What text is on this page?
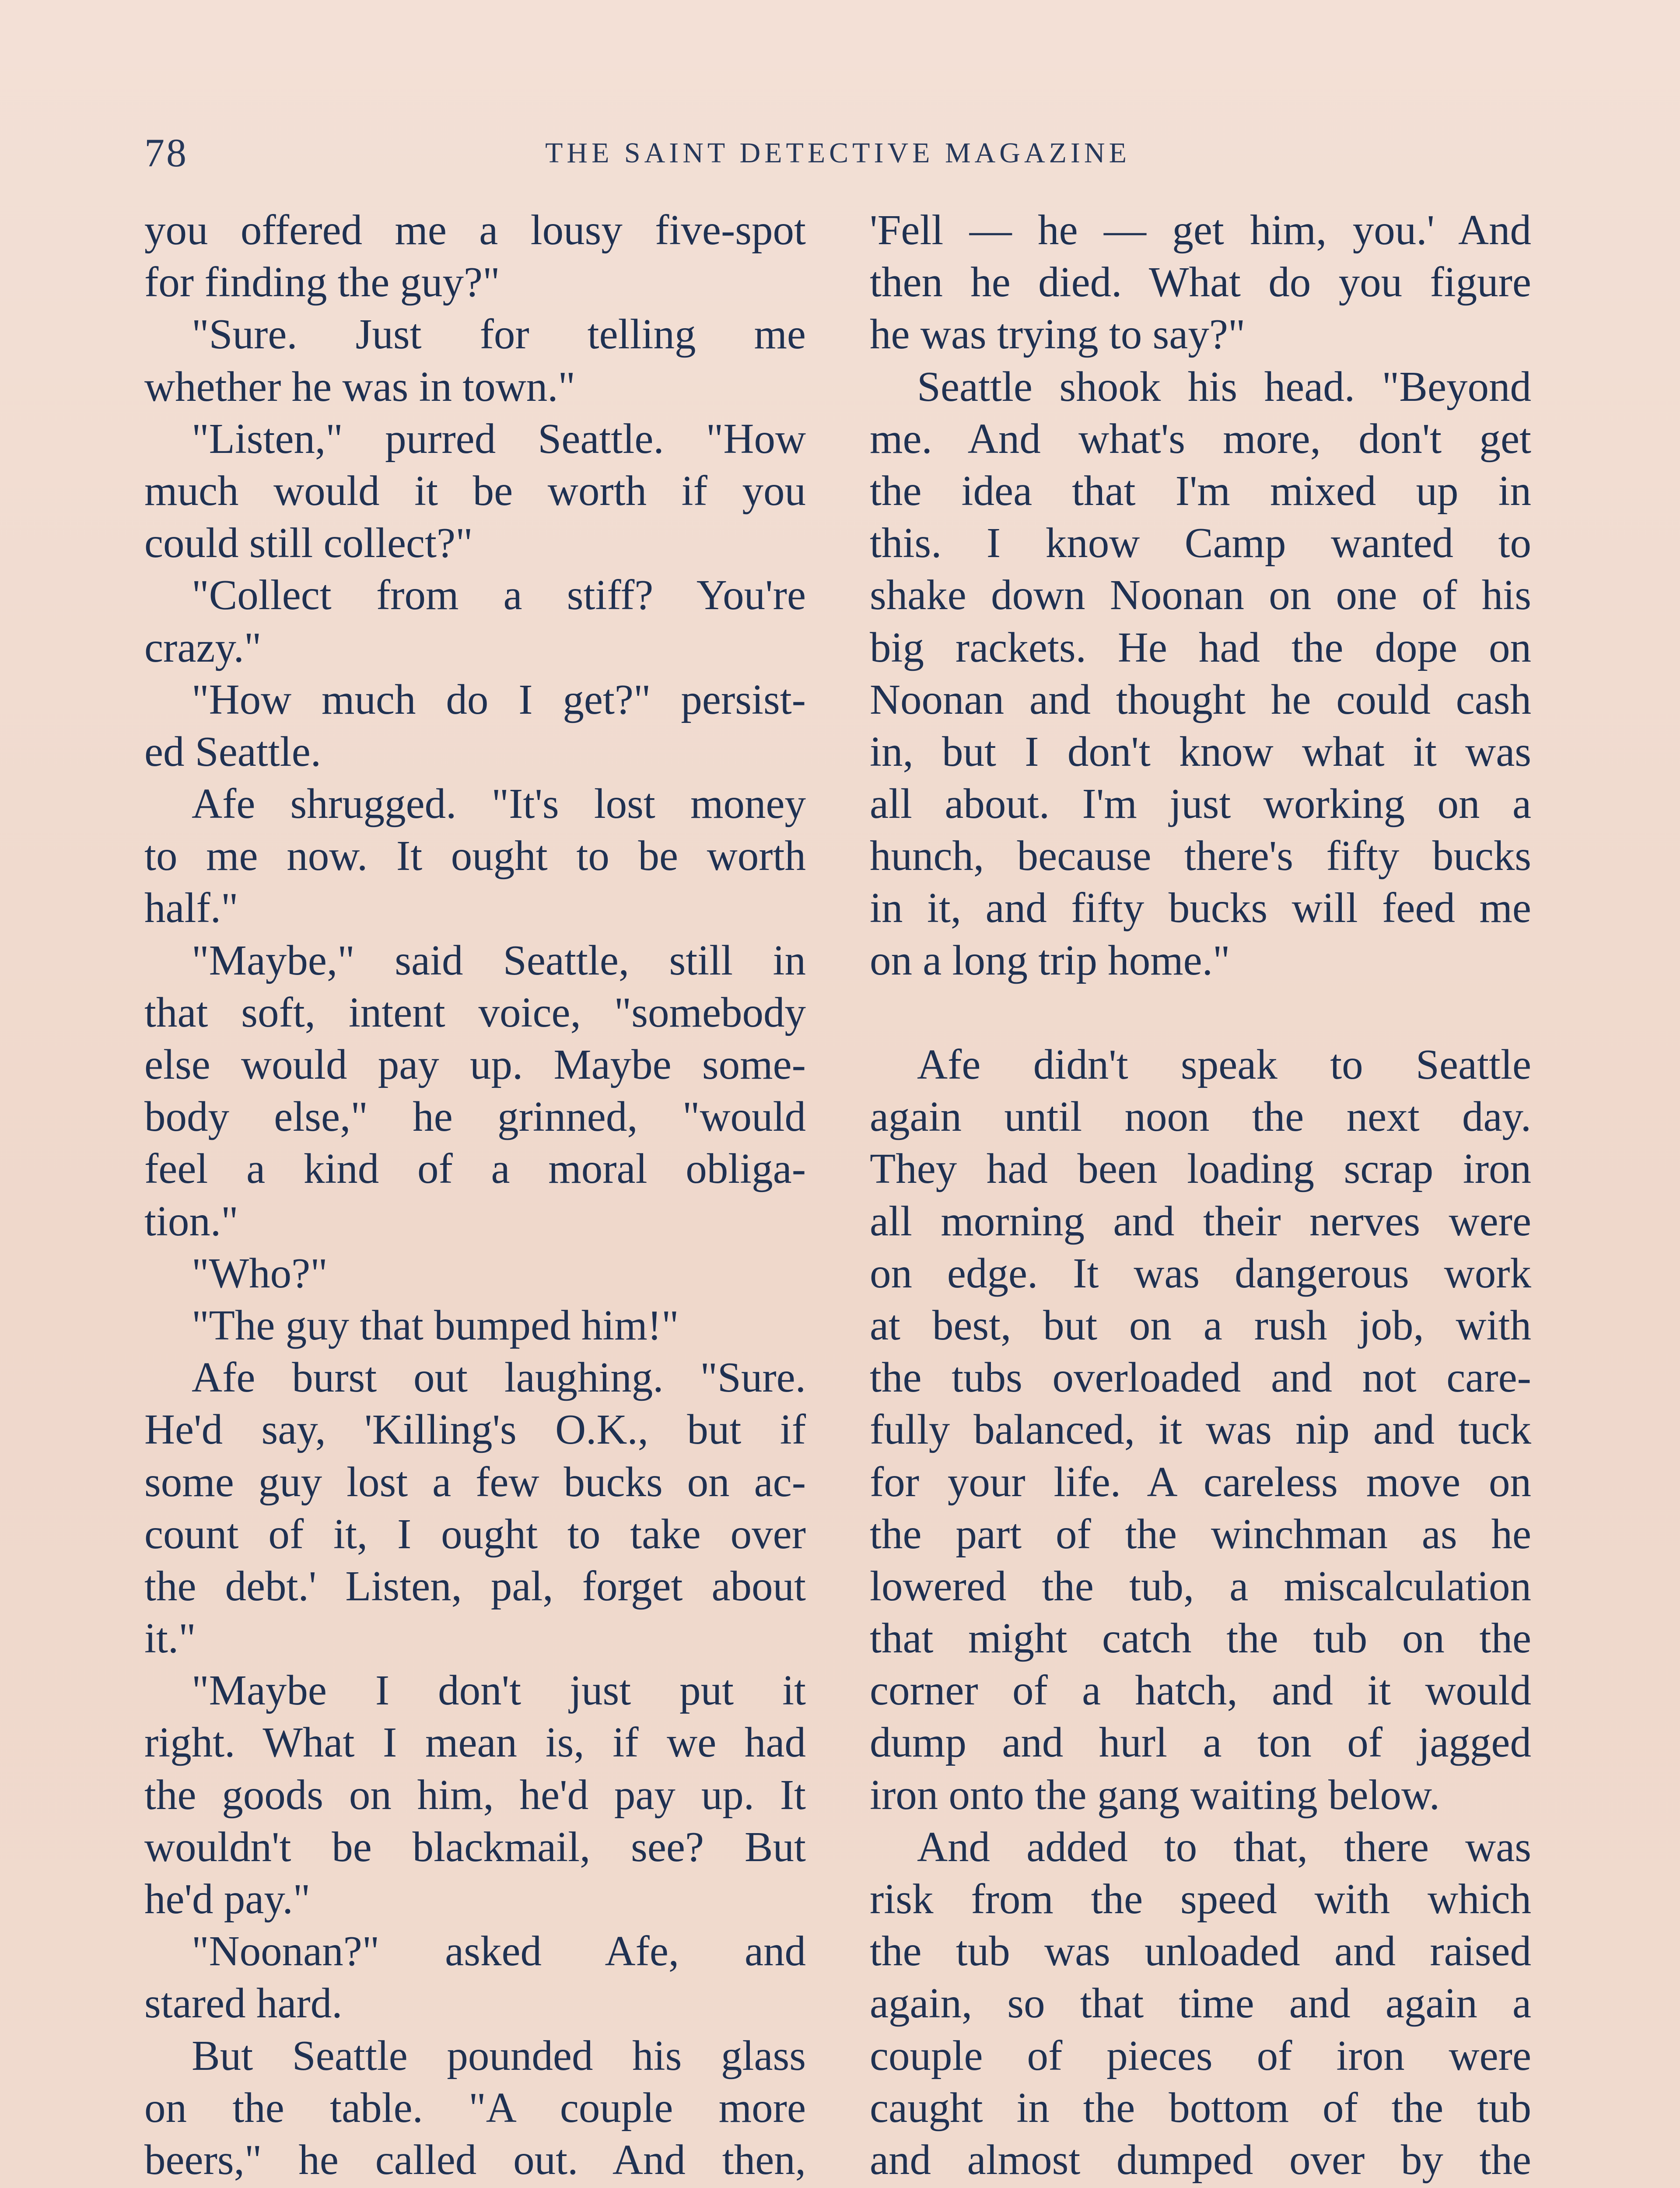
78	THE SAINT DETECTIVE MAGAZINE
you offered me a lousy five-spot
for finding the guy?"
"Sure. Just for telling me
whether he was in town."
"Listen," purred Seattle. "How
much would it be worth if you
could still collect?"
"Collect from a stiff? You're
crazy."
"How much do I get?" persist-
ed Seattle.
Afe shrugged. "It's lost money
to me now. It ought to be worth
half."
"Maybe," said Seattle, still in
that soft, intent voice, "somebody
else would pay up. Maybe some-
body else," he grinned, "would
feel a kind of a moral obliga-
tion."
"Who?"
"The guy that bumped him!"
Afe burst out laughing. "Sure.
He'd say, 'Killing's O.K., but if
some guy lost a few bucks on ac-
count of it, I ought to take over
the debt.' Listen, pal, forget about
it."
"Maybe I don't just put it
right. What I mean is, if we had
the goods on him, he'd pay up. It
wouldn't be blackmail, see? But
he'd pay."
"Noonan?" asked Afe, and
stared hard.
But Seattle pounded his glass
on the table. "A couple more
beers," he called out. And then,
'Fell — he — get him, you.' And
then he died. What do you figure
he was trying to say?"
Seattle shook his head. "Beyond
me. And what's more, don't get
the idea that I'm mixed up in
this. I know Camp wanted to
shake down Noonan on one of his
big rackets. He had the dope on
Noonan and thought he could cash
in, but I don't know what it was
all about. I'm just working on a
hunch, because there's fifty bucks
in it, and fifty bucks will feed me
on a long trip home."
Afe didn't speak to Seattle
again until noon the next day.
They had been loading scrap iron
all morning and their nerves were
on edge. It was dangerous work
at best, but on a rush job, with
the tubs overloaded and not care-
fully balanced, it was nip and tuck
for your life. A careless move on
the part of the winchman as he
lowered the tub, a miscalculation
that might catch the tub on the
corner of a hatch, and it would
dump and hurl a ton of jagged
iron onto the gang waiting below.
And added to that, there was
risk from the speed with which
the tub was unloaded and raised
again, so that time and again a
couple of pieces of iron were
caught in the bottom of the tub
and almost dumped over by the
